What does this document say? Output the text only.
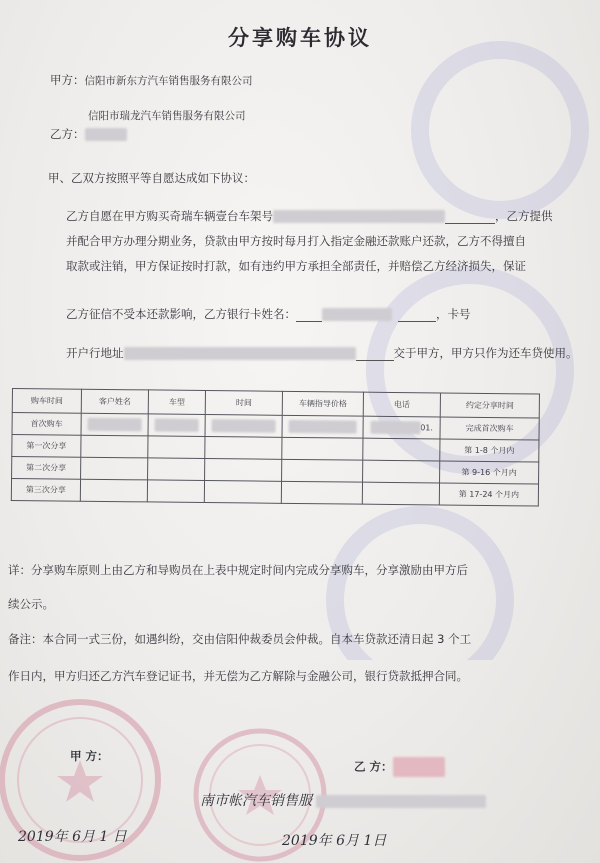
分享购车协议
甲方：信阳市新东方汽车销售服务有限公司
信阳市瑞龙汽车销售服务有限公司
乙方：
甲、乙双方按照平等自愿达成如下协议：
乙方自愿在甲方购买奇瑞车辆壹台车架号	，乙方提供
并配合甲方办理分期业务，贷款由甲方按时每月打入指定金融还款账户还款，乙方不得擅自
取款或注销，甲方保证按时打款，如有违约甲方承担全部责任，并赔偿乙方经济损失，保证
乙方征信不受本还款影响，乙方银行卡姓名：	，卡号
开户行地址	交于甲方，甲方只作为还车贷使用。
购车时间	客户姓名	车型	时间	车辆指导价格	电话	约定分享时间
首次购车					01.	完成首次购车
第一次分享						第 1-8 个月内
第二次分享						第 9-16 个月内
第三次分享						第 17-24 个月内
详：分享购车原则上由乙方和导购员在上表中规定时间内完成分享购车，分享激励由甲方后
续公示。
备注：本合同一式三份，如遇纠纷，交由信阳仲裁委员会仲裁。自本车贷款还清日起 3 个工
作日内，甲方归还乙方汽车登记证书，并无偿为乙方解除与金融公司，银行贷款抵押合同。
甲 方：
乙 方：
南市帐汽车销售服
2019年 6月 1 日	2019年 6月 1日
